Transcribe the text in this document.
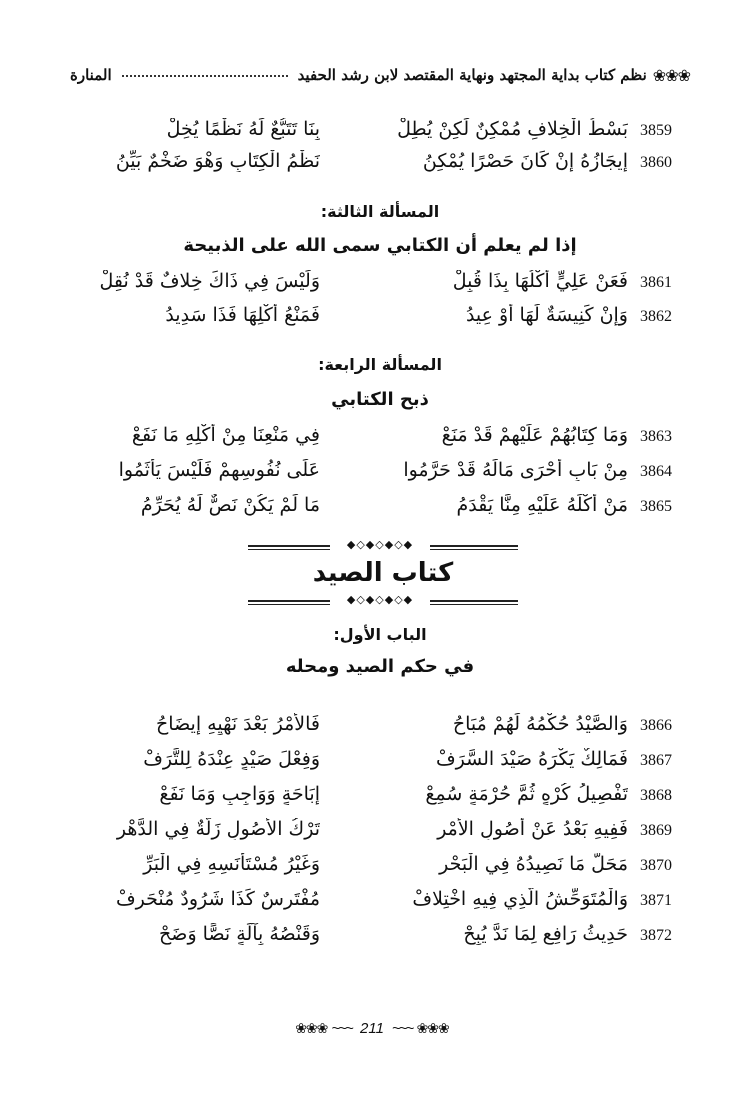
❀❀❀
نظم كتاب بداية المجتهد ونهاية المقتصد لابن رشد الحفيد
المنارة
3859
بَسْطُ الْخِلافِ مُمْكِنٌ لَكِنْ يُطِلْ
بِنَا تَتَبُّعٌ لَهُ نَظْمًا يُخِلْ
3860
إِيجَازُهُ إِنْ كَانَ حَصْرًا يُمْكِنُ
نَظْمُ الْكِتَابِ وَهْوَ ضَخْمٌ بَيِّنُ
المسألة الثالثة:
إذا لم يعلم أن الكتابي سمى الله على الذبيحة
3861
فَعَنْ عَلِيٍّ أَكْلُهَا بِذَا قُبِلْ
وَلَيْسَ فِي ذَاكَ خِلافٌ قَدْ نُقِلْ
3862
وَإِنْ كَنِيسَةٌ لَهَا أَوْ عِيدُ
فَمَنْعُ أَكْلِهَا فَذَا سَدِيدُ
المسألة الرابعة:
ذبح الكتابي
3863
وَمَا كِتَابُهُمْ عَلَيْهِمْ قَدْ مَنَعْ
فِي مَنْعِنَا مِنْ أَكْلِهِ مَا نَفَعْ
3864
مِنْ بَابِ أَحْرَى مَالَهُ قَدْ حَرَّمُوا
عَلَى نُفُوسِهِمْ فَلَيْسَ يَأْثَمُوا
3865
مَنْ أَكْلَهُ عَلَيْهِ مِنَّا يَقْدَمُ
مَا لَمْ يَكُنْ نَصٌّ لَهُ يُحَرِّمُ
◆◇◆◇◆◇◆
كتاب الصيد
◆◇◆◇◆◇◆
الباب الأول:
في حكم الصيد ومحله
3866
وَالصَّيْدُ حُكْمُهُ لَهُمْ مُبَاحُ
فَالأَمْرُ بَعْدَ نَهْيِهِ إِيضَاحُ
3867
فَمَالِكٌ يَكْرَهُ صَيْدَ السَّرَفْ
وَفِعْلَ صَيْدٍ عِنْدَهُ لِلتَّرَفْ
3868
تَفْصِيلُ كُرْهٍ ثُمَّ حُرْمَةٍ سُمِعْ
إِبَاحَةٍ وَوَاجِبٍ وَمَا نَفَعْ
3869
فَفِيهِ بَعْدُ عَنْ أُصُولِ الأَمْرِ
تَرْكُ الأُصُولِ زَلَّةٌ فِي الدَّهْرِ
3870
مَحَلُّ مَا نَصِيدُهُ فِي الْبَحْرِ
وَغَيْرُ مُسْتَأْنَسِهِ فِي الْبَرِّ
3871
وَالْمُتَوَحِّشُ الَّذِي فِيهِ اخْتِلافْ
مُفْتَرِسٌ كَذَا شَرُودٌ مُنْحَرِفْ
3872
حَدِيثُ رَافِعٍ لِمَا نَدَّ يُبِحْ
وَقَنْصُهُ بِآلَةٍ نَصًّا وَضَحْ
❀❀❀ ~~~ 211 ~~~ ❀❀❀
